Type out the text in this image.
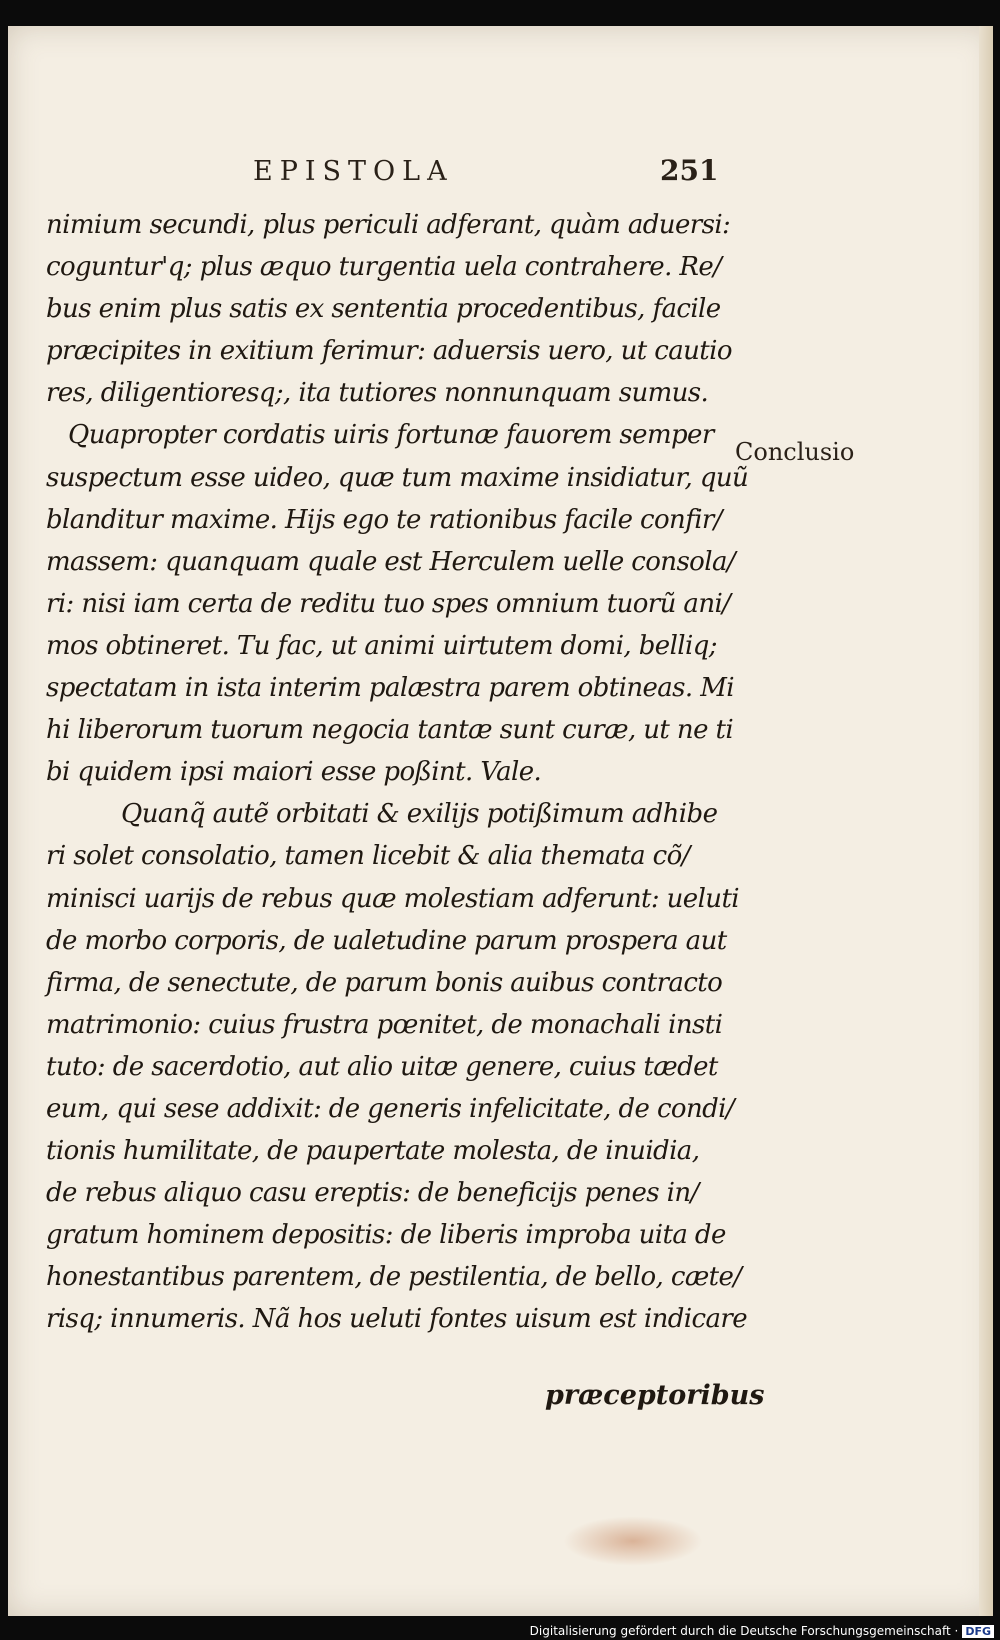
EPISTOLA	251
nimium secundi, plus periculi adferant, quàm aduersi:
coguntur'q; plus æquo turgentia uela contrahere. Re/
bus enim plus satis ex sententia procedentibus, facile
præcipites in exitium ferimur: aduersis uero, ut cautio
res, diligentioresq;, ita tutiores nonnunquam sumus.
Quapropter cordatis uiris fortunæ fauorem semper
suspectum esse uideo, quæ tum maxime insidiatur, quũ
blanditur maxime. Hijs ego te rationibus facile confir/
massem: quanquam quale est Herculem uelle consola/
ri: nisi iam certa de reditu tuo spes omnium tuorũ ani/
mos obtineret. Tu fac, ut animi uirtutem domi, belliq;
spectatam in ista interim palæstra parem obtineas. Mi
hi liberorum tuorum negocia tantæ sunt curæ, ut ne ti
bi quidem ipsi maiori esse poßint. Vale.
Quanq̃ autẽ orbitati & exilijs potißimum adhibe
ri solet consolatio, tamen licebit & alia themata cõ/
minisci uarijs de rebus quæ molestiam adferunt: ueluti
de morbo corporis, de ualetudine parum prospera aut
firma, de senectute, de parum bonis auibus contracto
matrimonio: cuius frustra pœnitet, de monachali insti
tuto: de sacerdotio, aut alio uitæ genere, cuius tædet
eum, qui sese addixit: de generis infelicitate, de condi/
tionis humilitate, de paupertate molesta, de inuidia,
de rebus aliquo casu ereptis: de beneficijs penes in/
gratum hominem depositis: de liberis improba uita de
honestantibus parentem, de pestilentia, de bello, cæte/
risq; innumeris. Nã hos ueluti fontes uisum est indicare
Conclusio
præceptoribus
Digitalisierung gefördert durch die Deutsche Forschungsgemeinschaft · DFG
